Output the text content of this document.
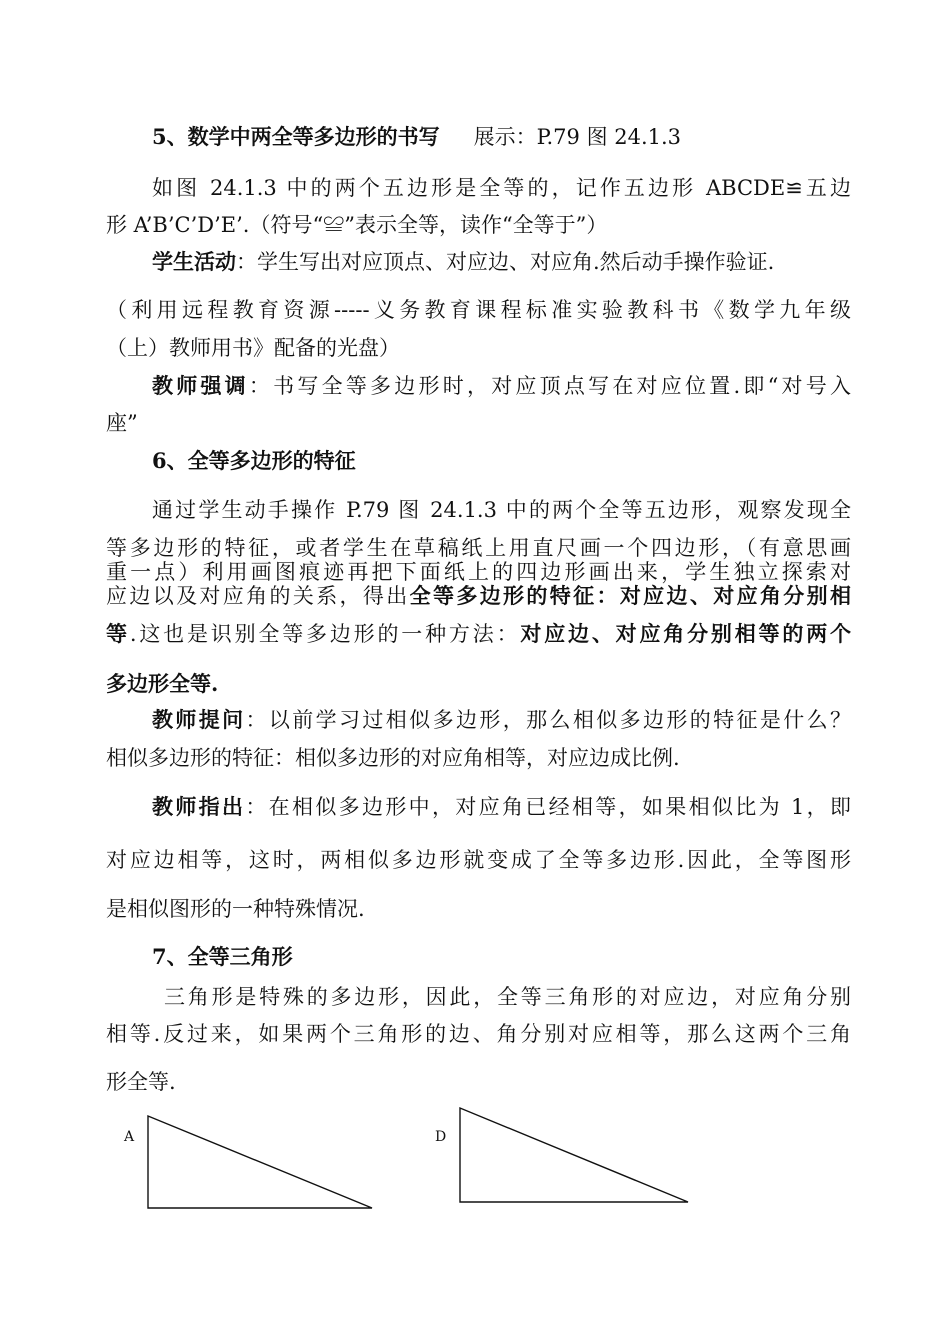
5、数学中两全等多边形的书写 展示：P.79 图 24.1.3
如图 24.1.3 中的两个五边形是全等的，记作五边形 ABCDE≌五边
形 A’B’C’D’E’.（符号“≌”表示全等，读作“全等于”）
学生活动：学生写出对应顶点、对应边、对应角.然后动手操作验证.
（利用远程教育资源-----义务教育课程标准实验教科书《数学九年级
（上）教师用书》配备的光盘）
教师强调：书写全等多边形时，对应顶点写在对应位置.即“对号入
座”
6、全等多边形的特征
通过学生动手操作 P.79 图 24.1.3 中的两个全等五边形，观察发现全
等多边形的特征，或者学生在草稿纸上用直尺画一个四边形，（有意思画
重一点）利用画图痕迹再把下面纸上的四边形画出来，学生独立探索对
应边以及对应角的关系，得出全等多边形的特征：对应边、对应角分别相
等.这也是识别全等多边形的一种方法：对应边、对应角分别相等的两个
多边形全等.
教师提问：以前学习过相似多边形，那么相似多边形的特征是什么？
相似多边形的特征：相似多边形的对应角相等，对应边成比例.
教师指出：在相似多边形中，对应角已经相等，如果相似比为 1，即
对应边相等，这时，两相似多边形就变成了全等多边形.因此，全等图形
是相似图形的一种特殊情况.
7、全等三角形
三角形是特殊的多边形，因此，全等三角形的对应边，对应角分别
相等.反过来，如果两个三角形的边、角分别对应相等，那么这两个三角
形全等.
A	D
